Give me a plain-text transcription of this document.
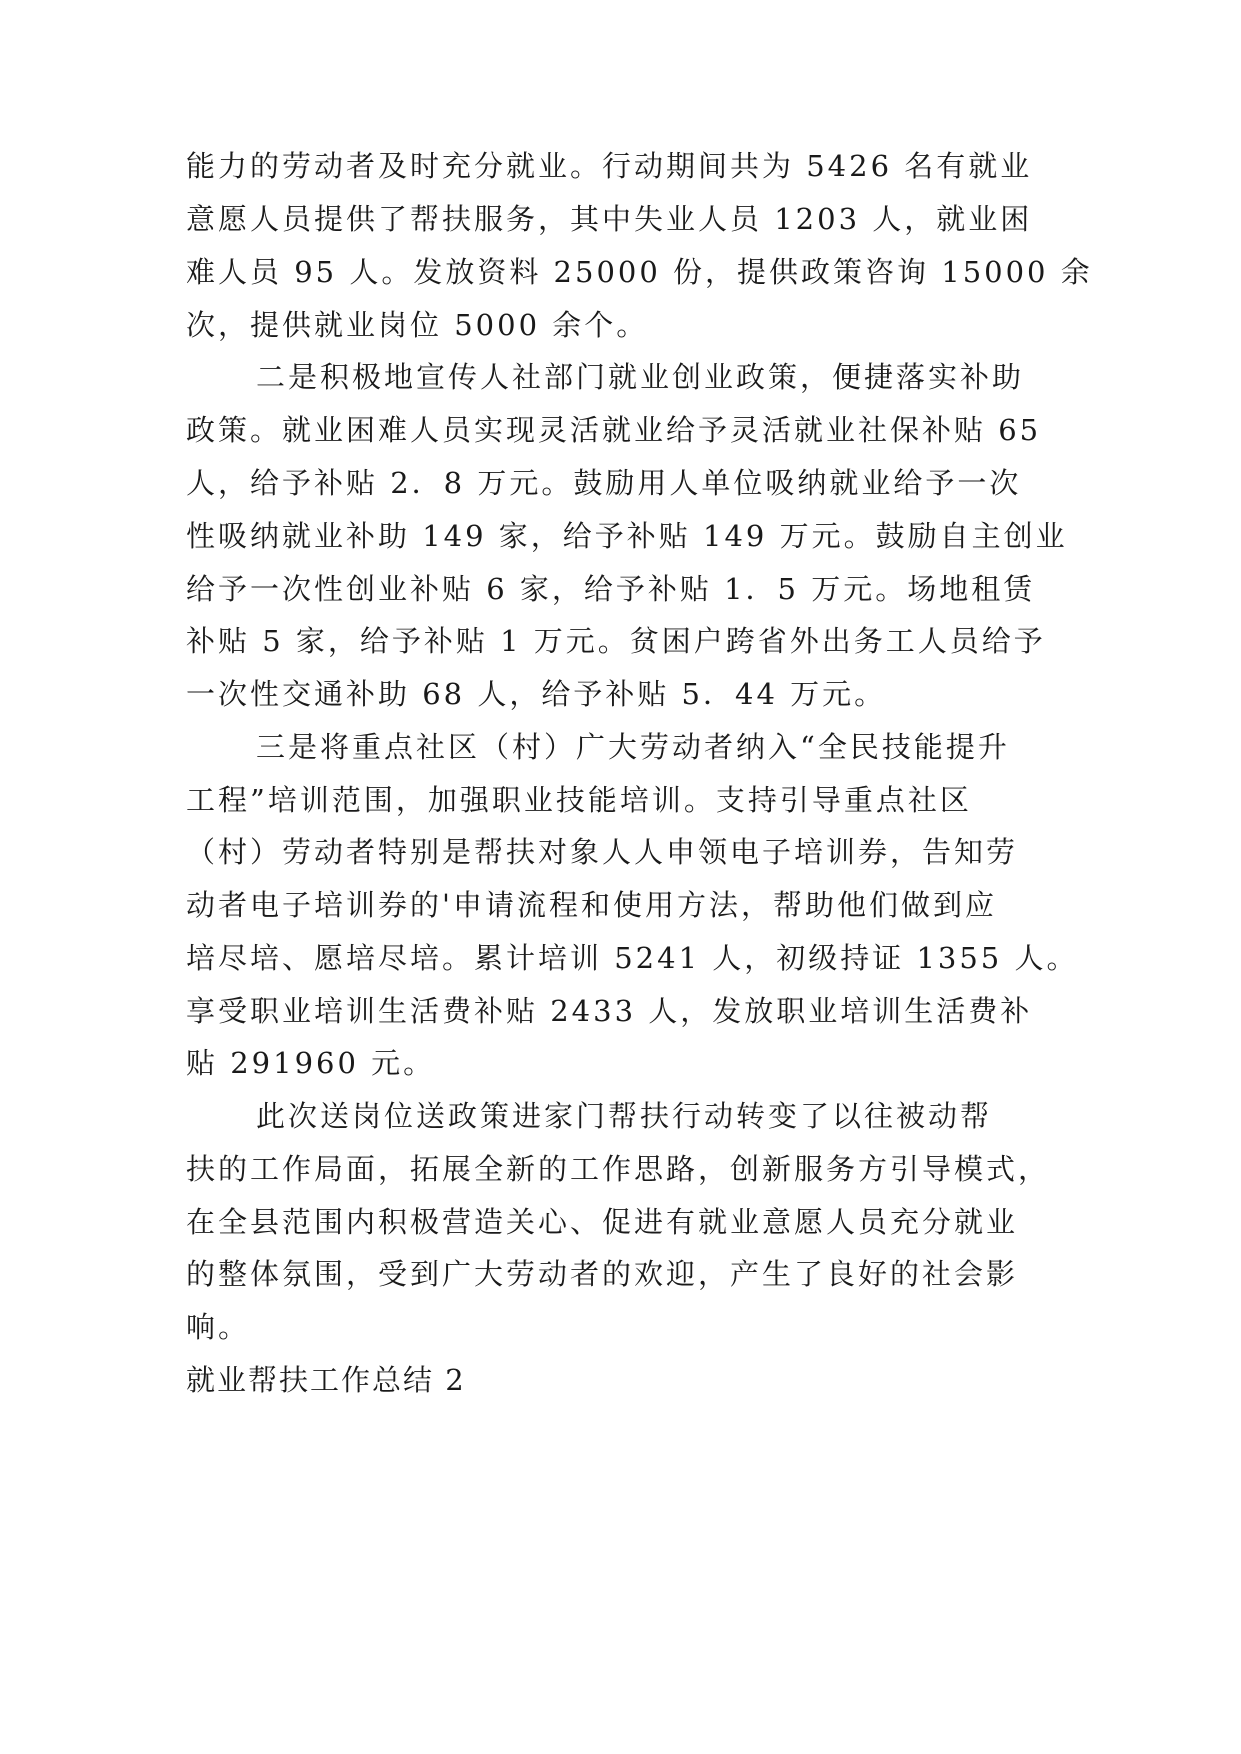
能力的劳动者及时充分就业。行动期间共为 5426 名有就业
意愿人员提供了帮扶服务，其中失业人员 1203 人，就业困
难人员 95 人。发放资料 25000 份，提供政策咨询 15000 余
次，提供就业岗位 5000 余个。
二是积极地宣传人社部门就业创业政策，便捷落实补助
政策。就业困难人员实现灵活就业给予灵活就业社保补贴 65
人，给予补贴 2．8 万元。鼓励用人单位吸纳就业给予一次
性吸纳就业补助 149 家，给予补贴 149 万元。鼓励自主创业
给予一次性创业补贴 6 家，给予补贴 1．5 万元。场地租赁
补贴 5 家，给予补贴 1 万元。贫困户跨省外出务工人员给予
一次性交通补助 68 人，给予补贴 5．44 万元。
三是将重点社区（村）广大劳动者纳入“全民技能提升
工程”培训范围，加强职业技能培训。支持引导重点社区
（村）劳动者特别是帮扶对象人人申领电子培训券，告知劳
动者电子培训券的'申请流程和使用方法，帮助他们做到应
培尽培、愿培尽培。累计培训 5241 人，初级持证 1355 人。
享受职业培训生活费补贴 2433 人，发放职业培训生活费补
贴 291960 元。
此次送岗位送政策进家门帮扶行动转变了以往被动帮
扶的工作局面，拓展全新的工作思路，创新服务方引导模式，
在全县范围内积极营造关心、促进有就业意愿人员充分就业
的整体氛围，受到广大劳动者的欢迎，产生了良好的社会影
响。
就业帮扶工作总结 2
